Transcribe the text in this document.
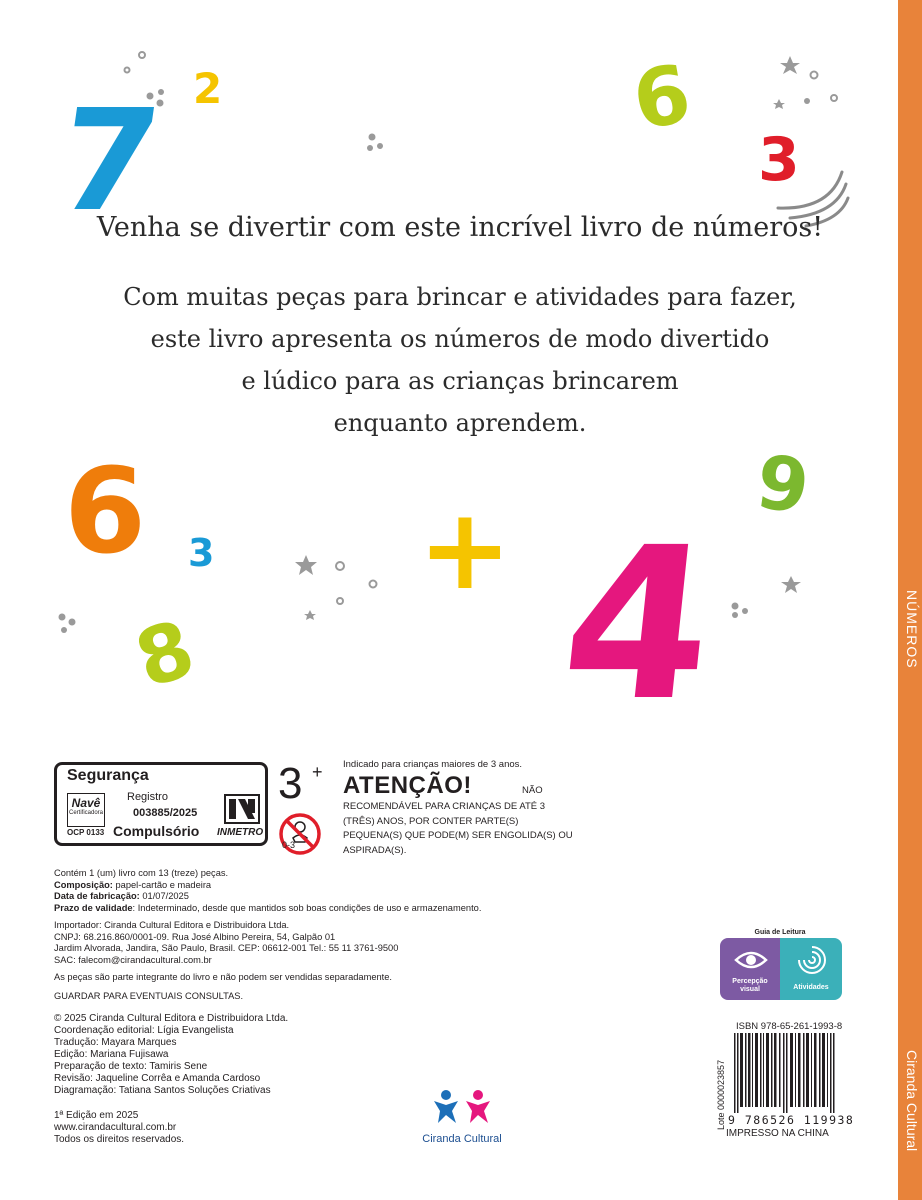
NÚMEROS
Ciranda Cultural
7 2	6
3
6 3
9
4
8
+

Venha se divertir com este incrível livro de números!

Com muitas peças para brincar e atividades para fazer,
este livro apresenta os números de modo divertido
e lúdico para as crianças brincarem
enquanto aprendem.
Segurança
Navê
Certificadora
OCP 0133
Registro
003885/2025
Compulsório INMETRO
3 +
0-3
Indicado para crianças maiores de 3 anos.
ATENÇÃO!	NÃO
RECOMENDÁVEL PARA CRIANÇAS DE ATÉ 3 (TRÊS) ANOS, POR CONTER PARTE(S) PEQUENA(S) QUE PODE(M) SER ENGOLIDA(S) OU ASPIRADA(S).
Contém 1 (um) livro com 13 (treze) peças.
Composição: papel-cartão e madeira
Data de fabricação: 01/07/2025
Prazo de validade: Indeterminado, desde que mantidos sob boas condições de uso e armazenamento.
Importador: Ciranda Cultural Editora e Distribuidora Ltda.
CNPJ: 68.216.860/0001-09. Rua José Albino Pereira, 54, Galpão 01
Jardim Alvorada, Jandira, São Paulo, Brasil. CEP: 06612-001 Tel.: 55 11 3761-9500
SAC: falecom@cirandacultural.com.br
As peças são parte integrante do livro e não podem ser vendidas separadamente.
GUARDAR PARA EVENTUAIS CONSULTAS.
© 2025 Ciranda Cultural Editora e Distribuidora Ltda.
Coordenação editorial: Lígia Evangelista
Tradução: Mayara Marques
Edição: Mariana Fujisawa
Preparação de texto: Tamiris Sene
Revisão: Jaqueline Corrêa e Amanda Cardoso
Diagramação: Tatiana Santos Soluções Criativas
1ª Edição em 2025
www.cirandacultural.com.br
Todos os direitos reservados.	Ciranda Cultural
Percepção visual	Atividades
Guia de Leitura
ISBN 978-65-261-1993-8
Lote 0000023857 9 786526 119938
IMPRESSO NA CHINA
